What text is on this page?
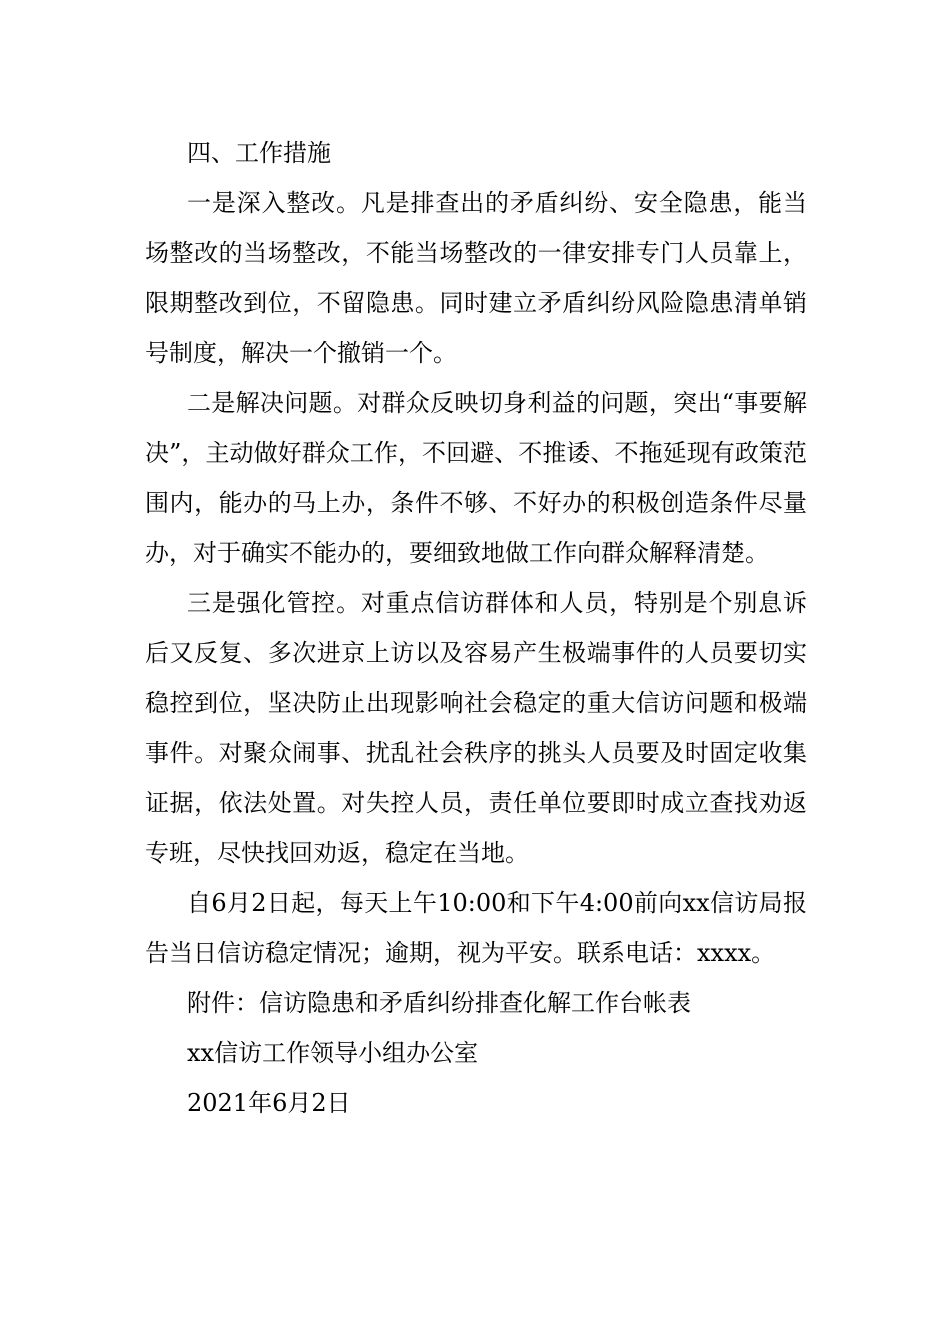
四、工作措施

一是深入整改。凡是排查出的矛盾纠纷、安全隐患，能当场整改的当场整改，不能当场整改的一律安排专门人员靠上，限期整改到位，不留隐患。同时建立矛盾纠纷风险隐患清单销号制度，解决一个撤销一个。

二是解决问题。对群众反映切身利益的问题，突出“事要解决”，主动做好群众工作，不回避、不推诿、不拖延现有政策范围内，能办的马上办，条件不够、不好办的积极创造条件尽量办，对于确实不能办的，要细致地做工作向群众解释清楚。

三是强化管控。对重点信访群体和人员，特别是个别息诉后又反复、多次进京上访以及容易产生极端事件的人员要切实稳控到位，坚决防止出现影响社会稳定的重大信访问题和极端事件。对聚众闹事、扰乱社会秩序的挑头人员要及时固定收集证据，依法处置。对失控人员，责任单位要即时成立查找劝返专班，尽快找回劝返，稳定在当地。

自6月2日起，每天上午10:00和下午4:00前向xx信访局报告当日信访稳定情况；逾期，视为平安。联系电话：xxxx。

附件：信访隐患和矛盾纠纷排查化解工作台帐表

xx信访工作领导小组办公室

2021年6月2日
